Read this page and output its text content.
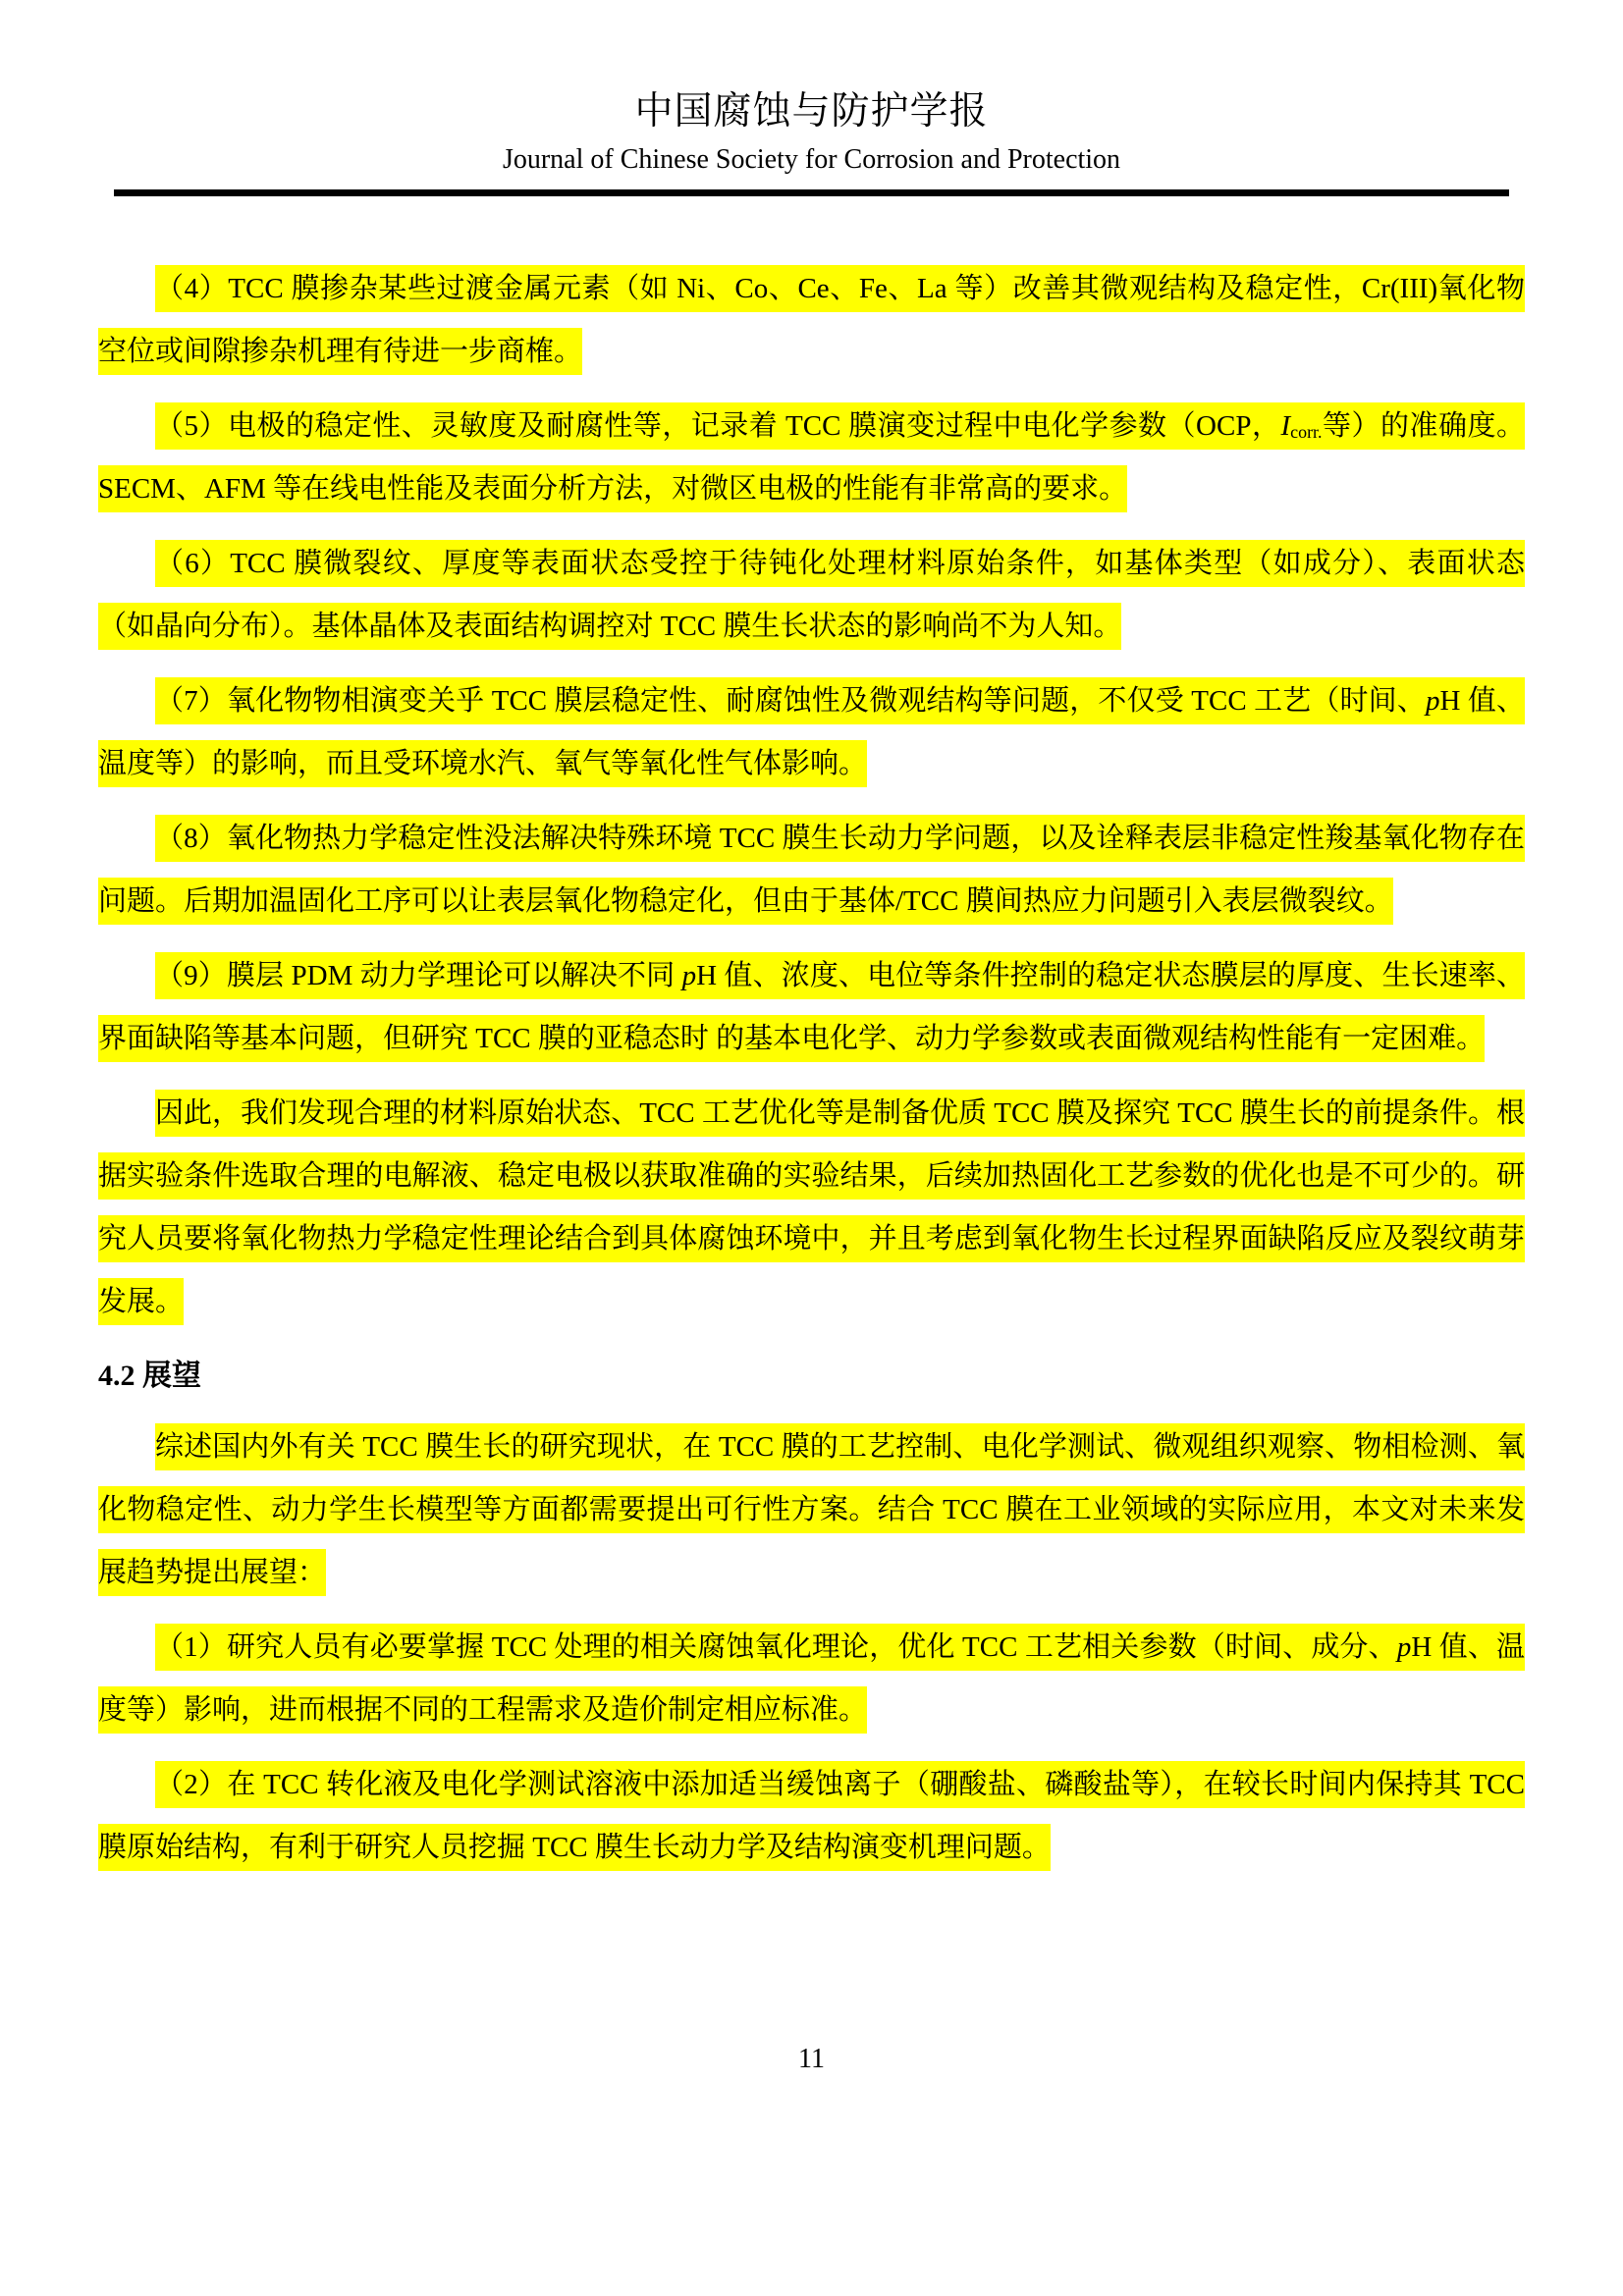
中国腐蚀与防护学报
Journal of Chinese Society for Corrosion and Protection

（4）TCC 膜掺杂某些过渡金属元素（如 Ni、Co、Ce、Fe、La 等）改善其微观结构及稳定性，Cr(III)氧化物空位或间隙掺杂机理有待进一步商榷。

（5）电极的稳定性、灵敏度及耐腐性等，记录着 TCC 膜演变过程中电化学参数（OCP，$I_{corr.}$等）的准确度。SECM、AFM 等在线电性能及表面分析方法，对微区电极的性能有非常高的要求。

（6）TCC 膜微裂纹、厚度等表面状态受控于待钝化处理材料原始条件，如基体类型（如成分）、表面状态（如晶向分布）。基体晶体及表面结构调控对 TCC 膜生长状态的影响尚不为人知。

（7）氧化物物相演变关乎 TCC 膜层稳定性、耐腐蚀性及微观结构等问题，不仅受 TCC 工艺（时间、pH 值、温度等）的影响，而且受环境水汽、氧气等氧化性气体影响。

（8）氧化物热力学稳定性没法解决特殊环境 TCC 膜生长动力学问题，以及诠释表层非稳定性羧基氧化物存在问题。后期加温固化工序可以让表层氧化物稳定化，但由于基体/TCC 膜间热应力问题引入表层微裂纹。

（9）膜层 PDM 动力学理论可以解决不同 pH 值、浓度、电位等条件控制的稳定状态膜层的厚度、生长速率、界面缺陷等基本问题，但研究 TCC 膜的亚稳态时 的基本电化学、动力学参数或表面微观结构性能有一定困难。

因此，我们发现合理的材料原始状态、TCC 工艺优化等是制备优质 TCC 膜及探究 TCC 膜生长的前提条件。根据实验条件选取合理的电解液、稳定电极以获取准确的实验结果，后续加热固化工艺参数的优化也是不可少的。研究人员要将氧化物热力学稳定性理论结合到具体腐蚀环境中，并且考虑到氧化物生长过程界面缺陷反应及裂纹萌芽发展。

4.2 展望

综述国内外有关 TCC 膜生长的研究现状，在 TCC 膜的工艺控制、电化学测试、微观组织观察、物相检测、氧化物稳定性、动力学生长模型等方面都需要提出可行性方案。结合 TCC 膜在工业领域的实际应用，本文对未来发展趋势提出展望：

（1）研究人员有必要掌握 TCC 处理的相关腐蚀氧化理论，优化 TCC 工艺相关参数（时间、成分、pH 值、温度等）影响，进而根据不同的工程需求及造价制定相应标准。

（2）在 TCC 转化液及电化学测试溶液中添加适当缓蚀离子（硼酸盐、磷酸盐等），在较长时间内保持其 TCC 膜原始结构，有利于研究人员挖掘 TCC 膜生长动力学及结构演变机理问题。

11
